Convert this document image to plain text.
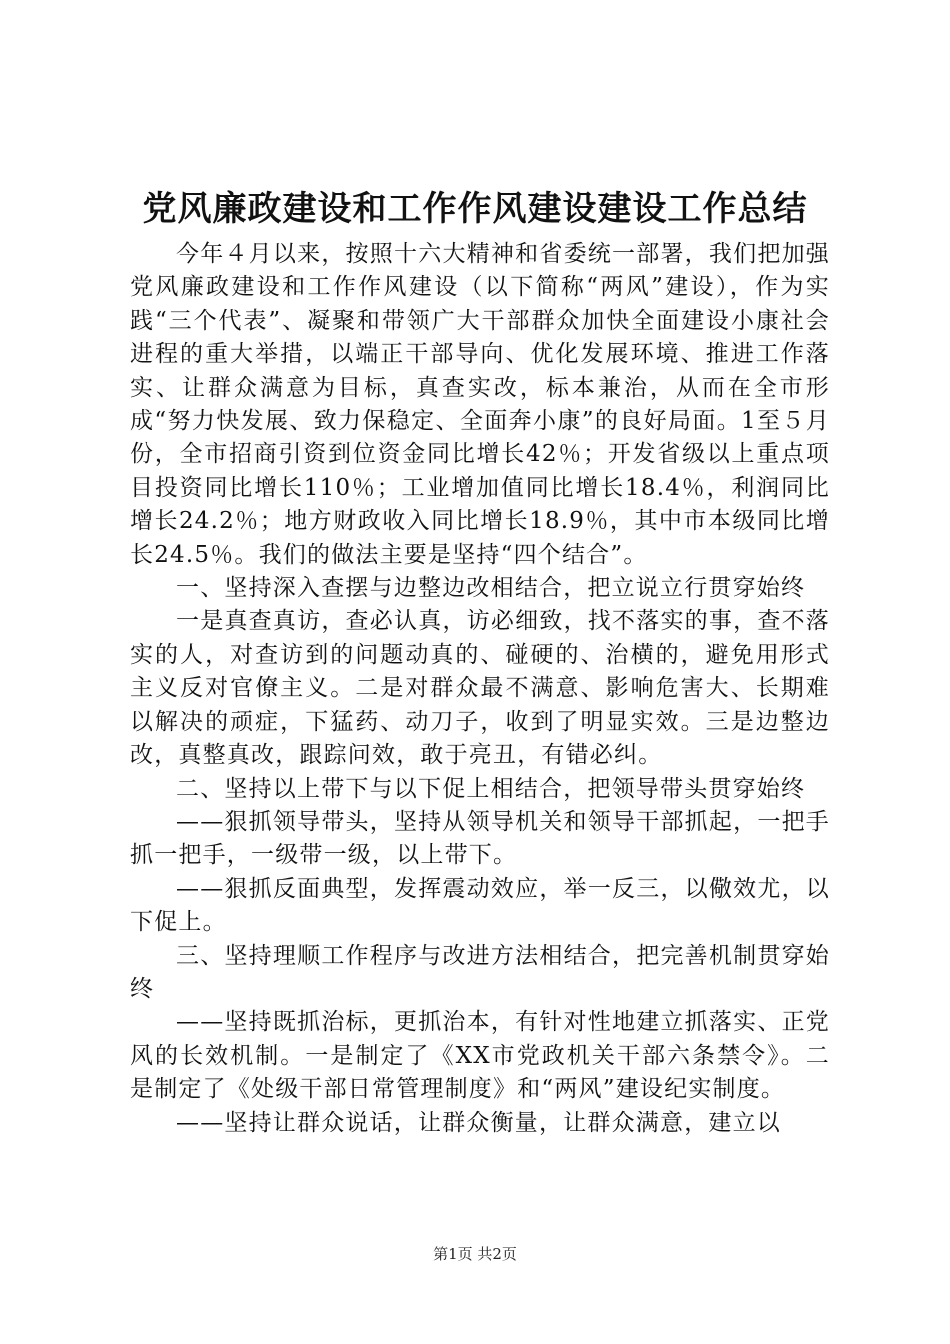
党风廉政建设和工作作风建设建设工作总结

今年４月以来，按照十六大精神和省委统一部署，我们把加强党风廉政建设和工作作风建设（以下简称“两风”建设），作为实践“三个代表”、凝聚和带领广大干部群众加快全面建设小康社会进程的重大举措，以端正干部导向、优化发展环境、推进工作落实、让群众满意为目标，真查实改，标本兼治，从而在全市形成“努力快发展、致力保稳定、全面奔小康”的良好局面。1至５月份，全市招商引资到位资金同比增长42％；开发省级以上重点项目投资同比增长110％；工业增加值同比增长18.4％，利润同比增长24.2％；地方财政收入同比增长18.9％，其中市本级同比增长24.5％。我们的做法主要是坚持“四个结合”。

一、坚持深入查摆与边整边改相结合，把立说立行贯穿始终

一是真查真访，查必认真，访必细致，找不落实的事，查不落实的人，对查访到的问题动真的、碰硬的、治横的，避免用形式主义反对官僚主义。二是对群众最不满意、影响危害大、长期难以解决的顽症，下猛药、动刀子，收到了明显实效。三是边整边改，真整真改，跟踪问效，敢于亮丑，有错必纠。

二、坚持以上带下与以下促上相结合，把领导带头贯穿始终

——狠抓领导带头，坚持从领导机关和领导干部抓起，一把手抓一把手，一级带一级，以上带下。

——狠抓反面典型，发挥震动效应，举一反三，以儆效尤，以下促上。

三、坚持理顺工作程序与改进方法相结合，把完善机制贯穿始终

——坚持既抓治标，更抓治本，有针对性地建立抓落实、正党风的长效机制。一是制定了《XX市党政机关干部六条禁令》。二是制定了《处级干部日常管理制度》和“两风”建设纪实制度。

——坚持让群众说话，让群众衡量，让群众满意，建立以

第1页 共2页
